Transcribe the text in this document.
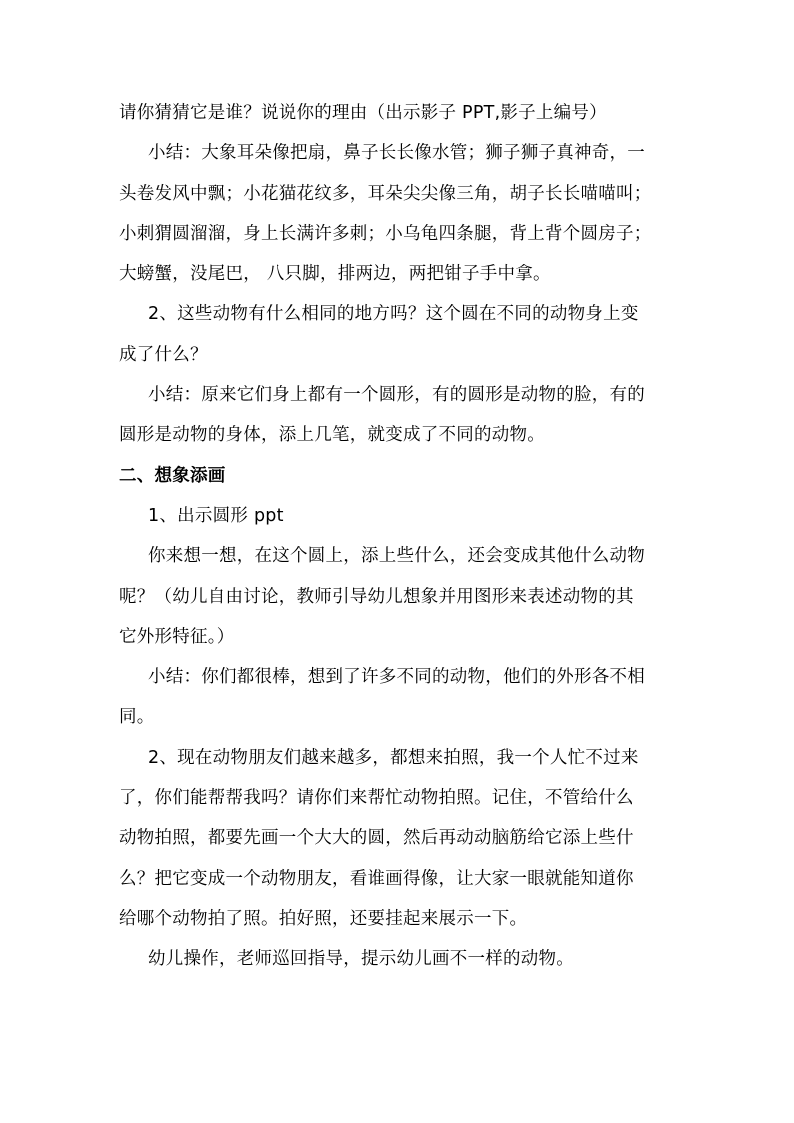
请你猜猜它是谁？说说你的理由（出示影子 PPT,影子上编号）
小结：大象耳朵像把扇，鼻子长长像水管；狮子狮子真神奇，一
头卷发风中飘；小花猫花纹多，耳朵尖尖像三角，胡子长长喵喵叫；
小刺猬圆溜溜，身上长满许多刺；小乌龟四条腿，背上背个圆房子；
大螃蟹，没尾巴， 八只脚，排两边，两把钳子手中拿。
2、这些动物有什么相同的地方吗？这个圆在不同的动物身上变
成了什么？
小结：原来它们身上都有一个圆形，有的圆形是动物的脸，有的
圆形是动物的身体，添上几笔，就变成了不同的动物。
二、想象添画
1、出示圆形 ppt
你来想一想，在这个圆上，添上些什么，还会变成其他什么动物
呢？（幼儿自由讨论，教师引导幼儿想象并用图形来表述动物的其
它外形特征。）
小结：你们都很棒，想到了许多不同的动物，他们的外形各不相
同。
2、现在动物朋友们越来越多，都想来拍照，我一个人忙不过来
了，你们能帮帮我吗？请你们来帮忙动物拍照。记住，不管给什么
动物拍照，都要先画一个大大的圆，然后再动动脑筋给它添上些什
么？把它变成一个动物朋友，看谁画得像，让大家一眼就能知道你
给哪个动物拍了照。拍好照，还要挂起来展示一下。
幼儿操作，老师巡回指导，提示幼儿画不一样的动物。
